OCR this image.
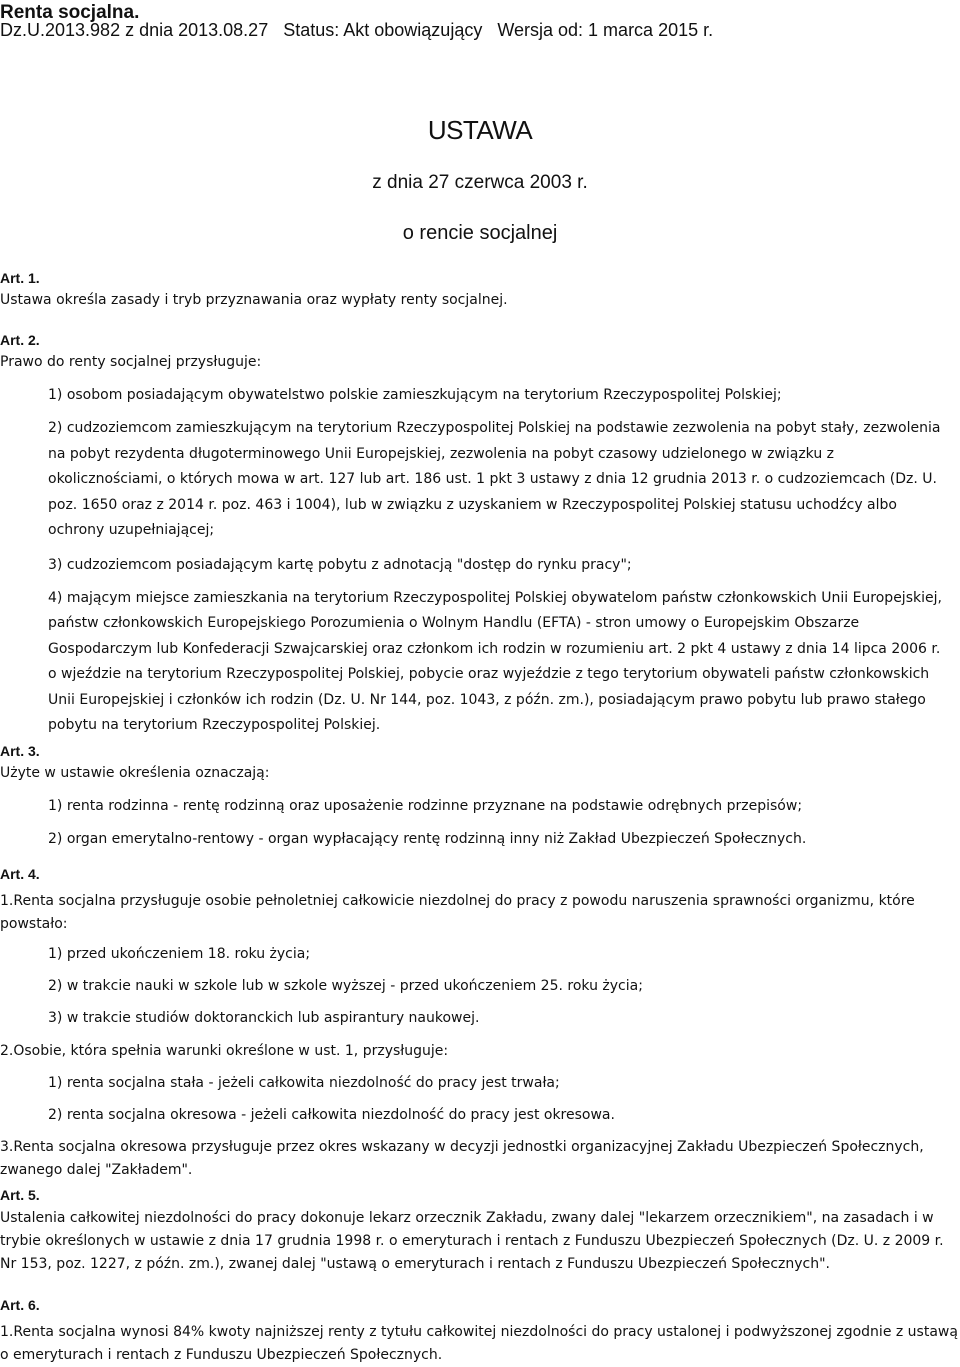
Renta socjalna.
Dz.U.2013.982 z dnia 2013.08.27 Status: Akt obowiązujący Wersja od: 1 marca 2015 r.
USTAWA
z dnia 27 czerwca 2003 r.
o rencie socjalnej
Art. 1.
Ustawa określa zasady i tryb przyznawania oraz wypłaty renty socjalnej.
Art. 2.
Prawo do renty socjalnej przysługuje:
1) osobom posiadającym obywatelstwo polskie zamieszkującym na terytorium Rzeczypospolitej Polskiej;
2) cudzoziemcom zamieszkującym na terytorium Rzeczypospolitej Polskiej na podstawie zezwolenia na pobyt stały, zezwolenia na pobyt rezydenta długoterminowego Unii Europejskiej, zezwolenia na pobyt czasowy udzielonego w związku z okolicznościami, o których mowa w art. 127 lub art. 186 ust. 1 pkt 3 ustawy z dnia 12 grudnia 2013 r. o cudzoziemcach (Dz. U. poz. 1650 oraz z 2014 r. poz. 463 i 1004), lub w związku z uzyskaniem w Rzeczypospolitej Polskiej statusu uchodźcy albo ochrony uzupełniającej;
3) cudzoziemcom posiadającym kartę pobytu z adnotacją "dostęp do rynku pracy";
4) mającym miejsce zamieszkania na terytorium Rzeczypospolitej Polskiej obywatelom państw członkowskich Unii Europejskiej, państw członkowskich Europejskiego Porozumienia o Wolnym Handlu (EFTA) - stron umowy o Europejskim Obszarze Gospodarczym lub Konfederacji Szwajcarskiej oraz członkom ich rodzin w rozumieniu art. 2 pkt 4 ustawy z dnia 14 lipca 2006 r. o wjeździe na terytorium Rzeczypospolitej Polskiej, pobycie oraz wyjeździe z tego terytorium obywateli państw członkowskich Unii Europejskiej i członków ich rodzin (Dz. U. Nr 144, poz. 1043, z późn. zm.), posiadającym prawo pobytu lub prawo stałego pobytu na terytorium Rzeczypospolitej Polskiej.
Art. 3.
Użyte w ustawie określenia oznaczają:
1) renta rodzinna - rentę rodzinną oraz uposażenie rodzinne przyznane na podstawie odrębnych przepisów;
2) organ emerytalno-rentowy - organ wypłacający rentę rodzinną inny niż Zakład Ubezpieczeń Społecznych.
Art. 4.
1.Renta socjalna przysługuje osobie pełnoletniej całkowicie niezdolnej do pracy z powodu naruszenia sprawności organizmu, które powstało:
1) przed ukończeniem 18. roku życia;
2) w trakcie nauki w szkole lub w szkole wyższej - przed ukończeniem 25. roku życia;
3) w trakcie studiów doktoranckich lub aspirantury naukowej.
2.Osobie, która spełnia warunki określone w ust. 1, przysługuje:
1) renta socjalna stała - jeżeli całkowita niezdolność do pracy jest trwała;
2) renta socjalna okresowa - jeżeli całkowita niezdolność do pracy jest okresowa.
3.Renta socjalna okresowa przysługuje przez okres wskazany w decyzji jednostki organizacyjnej Zakładu Ubezpieczeń Społecznych, zwanego dalej "Zakładem".
Art. 5.
Ustalenia całkowitej niezdolności do pracy dokonuje lekarz orzecznik Zakładu, zwany dalej "lekarzem orzecznikiem", na zasadach i w trybie określonych w ustawie z dnia 17 grudnia 1998 r. o emeryturach i rentach z Funduszu Ubezpieczeń Społecznych (Dz. U. z 2009 r. Nr 153, poz. 1227, z późn. zm.), zwanej dalej "ustawą o emeryturach i rentach z Funduszu Ubezpieczeń Społecznych".
Art. 6.
1.Renta socjalna wynosi 84% kwoty najniższej renty z tytułu całkowitej niezdolności do pracy ustalonej i podwyższonej zgodnie z ustawą o emeryturach i rentach z Funduszu Ubezpieczeń Społecznych.
